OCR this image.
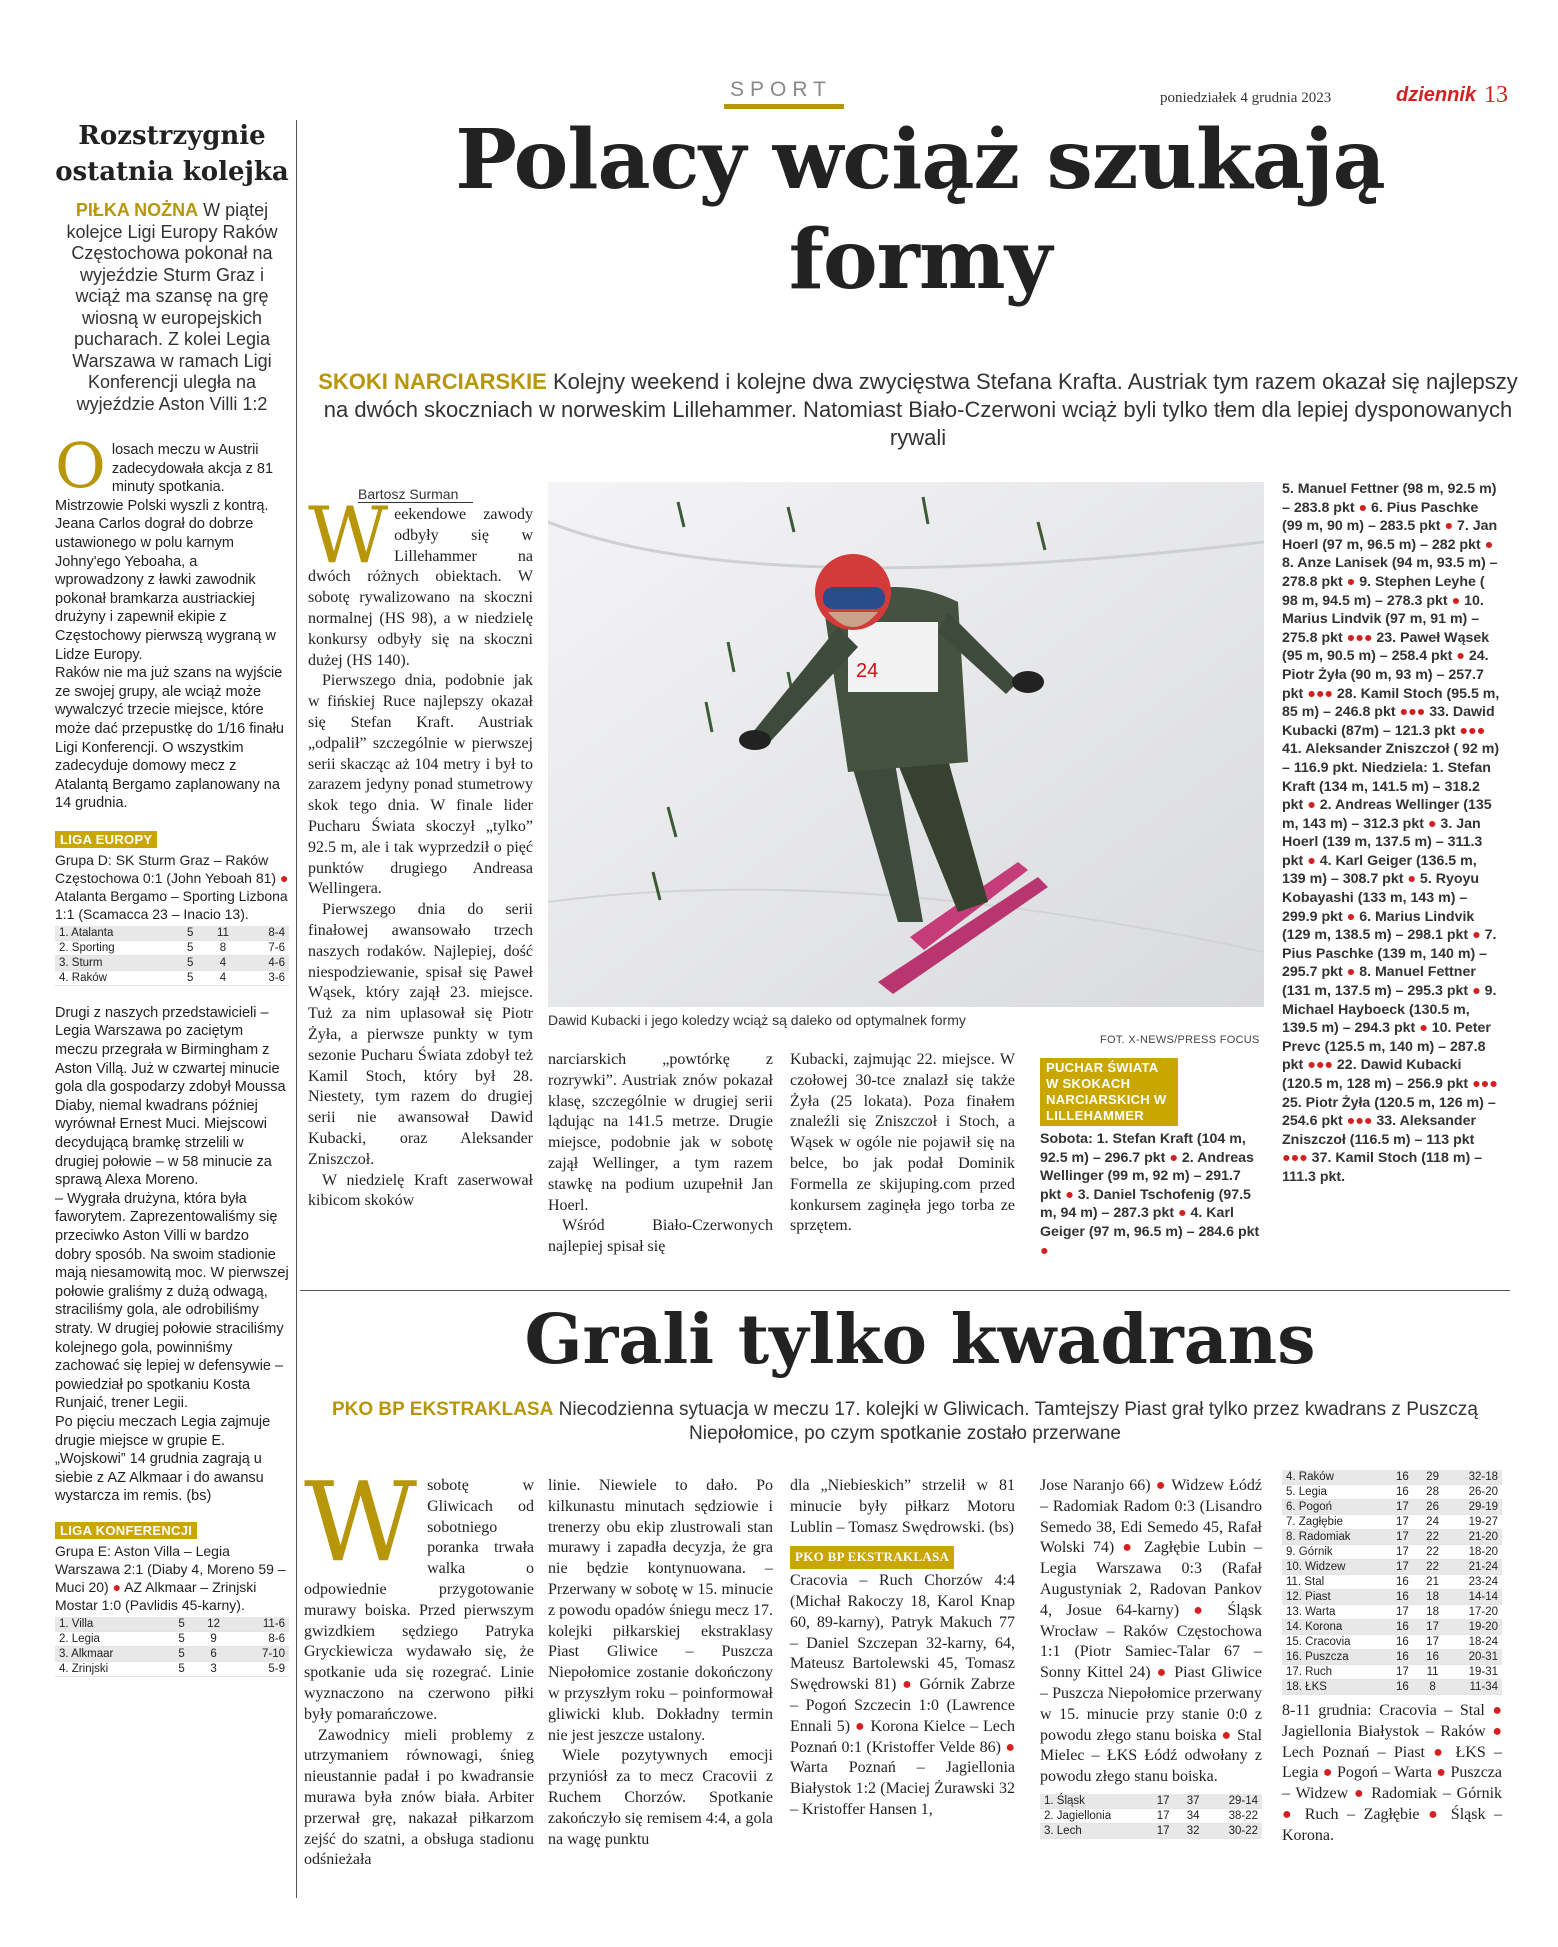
SPORT	poniedziałek 4 grudnia 2023	dziennik 13
Rozstrzygnie ostatnia kolejka
PIŁKA NOŻNA W piątej kolejce Ligi Europy Raków Częstochowa pokonał na wyjeździe Sturm Graz i wciąż ma szansę na grę wiosną w europejskich pucharach. Z kolei Legia Warszawa w ramach Ligi Konferencji uległa na wyjeździe Aston Villi 1:2
O losach meczu w Austrii zadecydowała akcja z 81 minuty spotkania. Mistrzowie Polski wyszli z kontrą. Jeana Carlos dograł do dobrze ustawionego w polu karnym Johny'ego Yeboaha, a wprowadzony z ławki zawodnik pokonał bramkarza austriackiej drużyny i zapewnił ekipie z Częstochowy pierwszą wygraną w Lidze Europy.
Raków nie ma już szans na wyjście ze swojej grupy, ale wciąż może wywalczyć trzecie miejsce, które może dać przepustkę do 1/16 finału Ligi Konferencji. O wszystkim zadecyduje domowy mecz z Atalantą Bergamo zaplanowany na 14 grudnia.
LIGA EUROPY
Grupa D: SK Sturm Graz – Raków Częstochowa 0:1 (John Yeboah 81) ● Atalanta Bergamo – Sporting Lizbona 1:1 (Scamacca 23 – Inacio 13).
1. Atalanta	5	11	8-4
2. Sporting	5	8	7-6
3. Sturm	5	4	4-6
4. Raków	5	4	3-6
Drugi z naszych przedstawicieli – Legia Warszawa po zaciętym meczu przegrała w Birmingham z Aston Villą. Już w czwartej minucie gola dla gospodarzy zdobył Moussa Diaby, niemal kwadrans później wyrównał Ernest Muci. Miejscowi decydującą bramkę strzelili w drugiej połowie – w 58 minucie za sprawą Alexa Moreno.
– Wygrała drużyna, która była faworytem. Zaprezentowaliśmy się przeciwko Aston Villi w bardzo dobry sposób. Na swoim stadionie mają niesamowitą moc. W pierwszej połowie graliśmy z dużą odwagą, straciliśmy gola, ale odrobiliśmy straty. W drugiej połowie straciliśmy kolejnego gola, powinniśmy zachować się lepiej w defensywie – powiedział po spotkaniu Kosta Runjaić, trener Legii.
Po pięciu meczach Legia zajmuje drugie miejsce w grupie E. „Wojskowi” 14 grudnia zagrają u siebie z AZ Alkmaar i do awansu wystarcza im remis. (bs)
LIGA KONFERENCJI
Grupa E: Aston Villa – Legia Warszawa 2:1 (Diaby 4, Moreno 59 – Muci 20) ● AZ Alkmaar – Zrinjski Mostar 1:0 (Pavlidis 45-karny).
1. Villa	5	12	11-6
2. Legia	5	9	8-6
3. Alkmaar	5	6	7-10
4. Zrinjski	5	3	5-9
Polacy wciąż szukają formy
SKOKI NARCIARSKIE Kolejny weekend i kolejne dwa zwycięstwa Stefana Krafta. Austriak tym razem okazał się najlepszy na dwóch skoczniach w norweskim Lillehammer. Natomiast Biało-Czerwoni wciąż byli tylko tłem dla lepiej dysponowanych rywali
Bartosz Surman
W eekendowe zawody odbyły się w Lillehammer na dwóch różnych obiektach. W sobotę rywalizowano na skoczni normalnej (HS 98), a w niedzielę konkursy odbyły się na skoczni dużej (HS 140).
Pierwszego dnia, podobnie jak w fińskiej Ruce najlepszy okazał się Stefan Kraft. Austriak „odpalił” szczególnie w pierwszej serii skacząc aż 104 metry i był to zarazem jedyny ponad stumetrowy skok tego dnia. W finale lider Pucharu Świata skoczył „tylko” 92.5 m, ale i tak wyprzedził o pięć punktów drugiego Andreasa Wellingera.
Pierwszego dnia do serii finałowej awansowało trzech naszych rodaków. Najlepiej, dość niespodziewanie, spisał się Paweł Wąsek, który zajął 23. miejsce. Tuż za nim uplasował się Piotr Żyła, a pierwsze punkty w tym sezonie Pucharu Świata zdobył też Kamil Stoch, który był 28. Niestety, tym razem do drugiej serii nie awansował Dawid Kubacki, oraz Aleksander Zniszczoł.
W niedzielę Kraft zaserwował kibicom skoków
24
Dawid Kubacki i jego koledzy wciąż są daleko od optymalnek formy
FOT. X-NEWS/PRESS FOCUS
narciarskich „powtórkę z rozrywki”. Austriak znów pokazał klasę, szczególnie w drugiej serii lądując na 141.5 metrze. Drugie miejsce, podobnie jak w sobotę zajął Wellinger, a tym razem stawkę na podium uzupełnił Jan Hoerl.
Wśród Biało-Czerwonych najlepiej spisał się
Kubacki, zajmując 22. miejsce. W czołowej 30-tce znalazł się także Żyła (25 lokata). Poza finałem znaleźli się Zniszczoł i Stoch, a Wąsek w ogóle nie pojawił się na belce, bo jak podał Dominik Formella ze skijuping.com przed konkursem zaginęła jego torba ze sprzętem.
PUCHAR ŚWIATA W SKOKACH NARCIARSKICH W LILLEHAMMER
Sobota: 1. Stefan Kraft (104 m, 92.5 m) – 296.7 pkt ● 2. Andreas Wellinger (99 m, 92 m) – 291.7 pkt ● 3. Daniel Tschofenig (97.5 m, 94 m) – 287.3 pkt ● 4. Karl Geiger (97 m, 96.5 m) – 284.6 pkt ●
5. Manuel Fettner (98 m, 92.5 m) – 283.8 pkt ● 6. Pius Paschke (99 m, 90 m) – 283.5 pkt ● 7. Jan Hoerl (97 m, 96.5 m) – 282 pkt ● 8. Anze Lanisek (94 m, 93.5 m) – 278.8 pkt ● 9. Stephen Leyhe ( 98 m, 94.5 m) – 278.3 pkt ● 10. Marius Lindvik (97 m, 91 m) – 275.8 pkt ●●● 23. Paweł Wąsek (95 m, 90.5 m) – 258.4 pkt ● 24. Piotr Żyła (90 m, 93 m) – 257.7 pkt ●●● 28. Kamil Stoch (95.5 m, 85 m) – 246.8 pkt ●●● 33. Dawid Kubacki (87m) – 121.3 pkt ●●● 41. Aleksander Zniszczoł ( 92 m) – 116.9 pkt. Niedziela: 1. Stefan Kraft (134 m, 141.5 m) – 318.2 pkt ● 2. Andreas Wellinger (135 m, 143 m) – 312.3 pkt ● 3. Jan Hoerl (139 m, 137.5 m) – 311.3 pkt ● 4. Karl Geiger (136.5 m, 139 m) – 308.7 pkt ● 5. Ryoyu Kobayashi (133 m, 143 m) – 299.9 pkt ● 6. Marius Lindvik (129 m, 138.5 m) – 298.1 pkt ● 7. Pius Paschke (139 m, 140 m) – 295.7 pkt ● 8. Manuel Fettner (131 m, 137.5 m) – 295.3 pkt ● 9. Michael Hayboeck (130.5 m, 139.5 m) – 294.3 pkt ● 10. Peter Prevc (125.5 m, 140 m) – 287.8 pkt ●●● 22. Dawid Kubacki (120.5 m, 128 m) – 256.9 pkt ●●● 25. Piotr Żyła (120.5 m, 126 m) – 254.6 pkt ●●● 33. Aleksander Zniszczoł (116.5 m) – 113 pkt ●●● 37. Kamil Stoch (118 m) – 111.3 pkt.
Grali tylko kwadrans
PKO BP EKSTRAKLASA Niecodzienna sytuacja w meczu 17. kolejki w Gliwicach. Tamtejszy Piast grał tylko przez kwadrans z Puszczą Niepołomice, po czym spotkanie zostało przerwane
W sobotę w Gliwicach od sobotniego poranka trwała walka o odpowiednie przygotowanie murawy boiska. Przed pierwszym gwizdkiem sędziego Patryka Gryckiewicza wydawało się, że spotkanie uda się rozegrać. Linie wyznaczono na czerwono piłki były pomarańczowe.
Zawodnicy mieli problemy z utrzymaniem równowagi, śnieg nieustannie padał i po kwadransie murawa była znów biała. Arbiter przerwał grę, nakazał piłkarzom zejść do szatni, a obsługa stadionu odśnieżała
linie. Niewiele to dało. Po kilkunastu minutach sędziowie i trenerzy obu ekip zlustrowali stan murawy i zapadła decyzja, że gra nie będzie kontynuowana. – Przerwany w sobotę w 15. minucie z powodu opadów śniegu mecz 17. kolejki piłkarskiej ekstraklasy Piast Gliwice – Puszcza Niepołomice zostanie dokończony w przyszłym roku – poinformował gliwicki klub. Dokładny termin nie jest jeszcze ustalony.
Wiele pozytywnych emocji przyniósł za to mecz Cracovii z Ruchem Chorzów. Spotkanie zakończyło się remisem 4:4, a gola na wagę punktu
dla „Niebieskich” strzelił w 81 minucie były piłkarz Motoru Lublin – Tomasz Swędrowski. (bs)
PKO BP EKSTRAKLASA
Cracovia – Ruch Chorzów 4:4 (Michał Rakoczy 18, Karol Knap 60, 89-karny), Patryk Makuch 77 – Daniel Szczepan 32-karny, 64, Mateusz Bartolewski 45, Tomasz Swędrowski 81) ● Górnik Zabrze – Pogoń Szczecin 1:0 (Lawrence Ennali 5) ● Korona Kielce – Lech Poznań 0:1 (Kristoffer Velde 86) ● Warta Poznań – Jagiellonia Białystok 1:2 (Maciej Żurawski 32 – Kristoffer Hansen 1,
Jose Naranjo 66) ● Widzew Łódź – Radomiak Radom 0:3 (Lisandro Semedo 38, Edi Semedo 45, Rafał Wolski 74) ● Zagłębie Lubin – Legia Warszawa 0:3 (Rafał Augustyniak 2, Radovan Pankov 4, Josue 64-karny) ● Śląsk Wrocław – Raków Częstochowa 1:1 (Piotr Samiec-Talar 67 – Sonny Kittel 24) ● Piast Gliwice – Puszcza Niepołomice przerwany w 15. minucie przy stanie 0:0 z powodu złego stanu boiska ● Stal Mielec – ŁKS Łódź odwołany z powodu złego stanu boiska.
1. Śląsk	17	37	29-14
2. Jagiellonia	17	34	38-22
3. Lech	17	32	30-22
4. Raków	16	29	32-18
5. Legia	16	28	26-20
6. Pogoń	17	26	29-19
7. Zagłębie	17	24	19-27
8. Radomiak	17	22	21-20
9. Górnik	17	22	18-20
10. Widzew	17	22	21-24
11. Stal	16	21	23-24
12. Piast	16	18	14-14
13. Warta	17	18	17-20
14. Korona	16	17	19-20
15. Cracovia	16	17	18-24
16. Puszcza	16	16	20-31
17. Ruch	17	11	19-31
18. ŁKS	16	8	11-34
8-11 grudnia: Cracovia – Stal ● Jagiellonia Białystok – Raków ● Lech Poznań – Piast ● ŁKS – Legia ● Pogoń – Warta ● Puszcza – Widzew ● Radomiak – Górnik ● Ruch – Zagłębie ● Śląsk – Korona.
